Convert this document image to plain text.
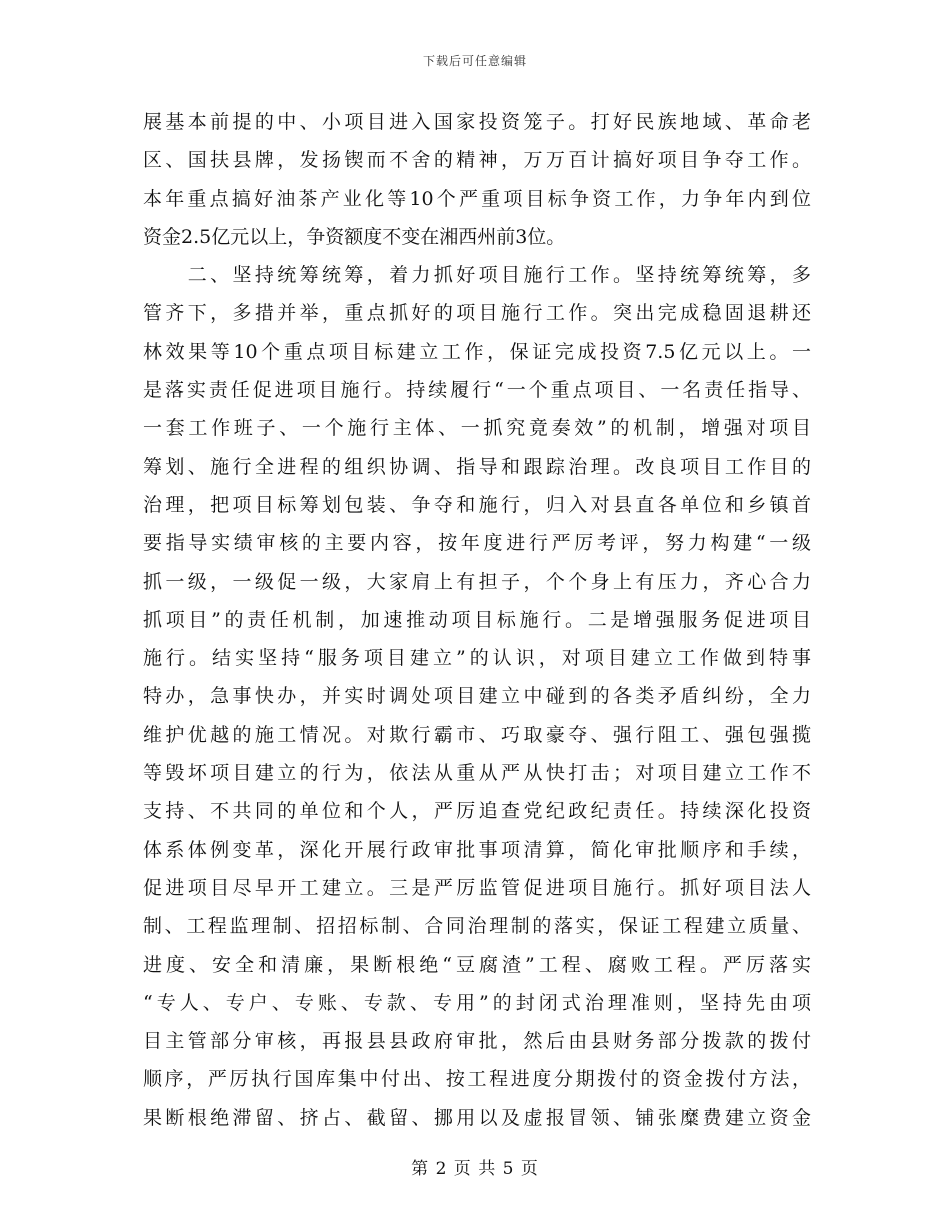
下载后可任意编辑
展基本前提的中、小项目进入国家投资笼子。打好民族地域、革命老
区、国扶县牌，发扬锲而不舍的精神，万万百计搞好项目争夺工作。
本年重点搞好油茶产业化等10个严重项目标争资工作，力争年内到位
资金2.5亿元以上，争资额度不变在湘西州前3位。
　　二、坚持统筹统筹，着力抓好项目施行工作。坚持统筹统筹，多
管齐下，多措并举，重点抓好的项目施行工作。突出完成稳固退耕还
林效果等10个重点项目标建立工作，保证完成投资7.5亿元以上。一
是落实责任促进项目施行。持续履行“一个重点项目、一名责任指导、
一套工作班子、一个施行主体、一抓究竟奏效”的机制，增强对项目
筹划、施行全进程的组织协调、指导和跟踪治理。改良项目工作目的
治理，把项目标筹划包装、争夺和施行，归入对县直各单位和乡镇首
要指导实绩审核的主要内容，按年度进行严厉考评，努力构建“一级
抓一级，一级促一级，大家肩上有担子，个个身上有压力，齐心合力
抓项目”的责任机制，加速推动项目标施行。二是增强服务促进项目
施行。结实坚持“服务项目建立”的认识，对项目建立工作做到特事
特办，急事快办，并实时调处项目建立中碰到的各类矛盾纠纷，全力
维护优越的施工情况。对欺行霸市、巧取豪夺、强行阻工、强包强揽
等毁坏项目建立的行为，依法从重从严从快打击；对项目建立工作不
支持、不共同的单位和个人，严厉追查党纪政纪责任。持续深化投资
体系体例变革，深化开展行政审批事项清算，简化审批顺序和手续，
促进项目尽早开工建立。三是严厉监管促进项目施行。抓好项目法人
制、工程监理制、招招标制、合同治理制的落实，保证工程建立质量、
进度、安全和清廉，果断根绝“豆腐渣”工程、腐败工程。严厉落实
“专人、专户、专账、专款、专用”的封闭式治理准则，坚持先由项
目主管部分审核，再报县县政府审批，然后由县财务部分拨款的拨付
顺序，严厉执行国库集中付出、按工程进度分期拨付的资金拨付方法，
果断根绝滞留、挤占、截留、挪用以及虚报冒领、铺张糜费建立资金
第 2 页 共 5 页
